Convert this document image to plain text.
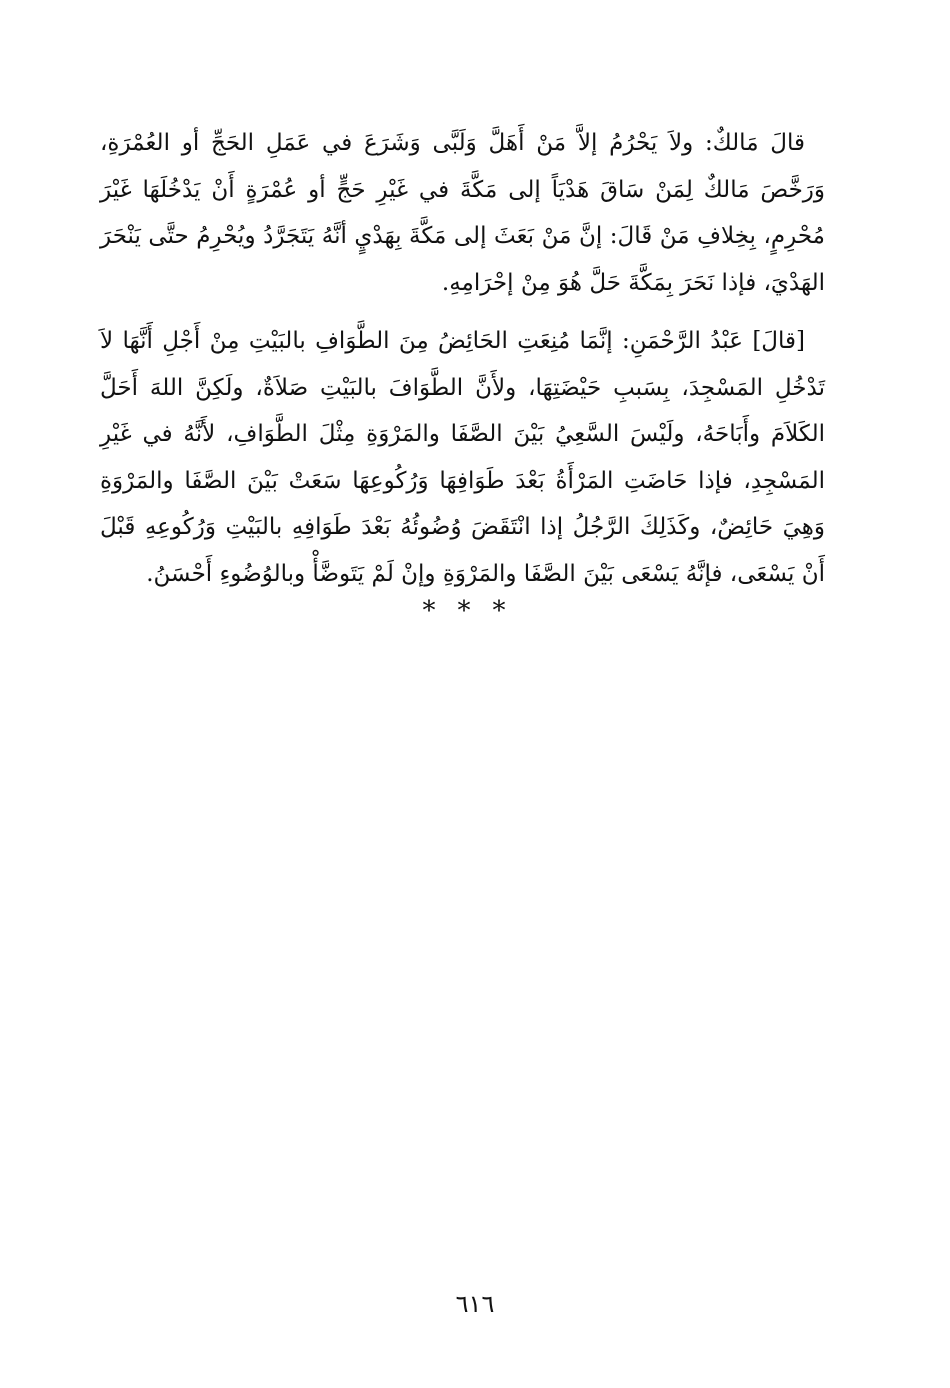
قالَ مَالكٌ: ولاَ يَحْرُمُ إلاَّ مَنْ أَهَلَّ وَلَبَّى وَشَرَعَ في عَمَلِ الحَجِّ أو العُمْرَةِ، وَرَخَّصَ مَالكٌ لِمَنْ سَاقَ هَدْيَاً إلى مَكَّةَ في غَيْرِ حَجٍّ أو عُمْرَةٍ أَنْ يَدْخُلَهَا غَيْرَ مُحْرِمٍ، بِخِلافِ مَنْ قَالَ: إنَّ مَنْ بَعَثَ إلى مَكَّةَ بِهَدْيٍ أنَّهُ يَتَجَرَّدُ ويُحْرِمُ حتَّى يَنْحَرَ الهَدْيَ، فإذا نَحَرَ بِمَكَّةَ حَلَّ هُوَ مِنْ إحْرَامِهِ.

[قالَ] عَبْدُ الرَّحْمَنِ: إنَّمَا مُنِعَتِ الحَائِضُ مِنَ الطَّوَافِ بالبَيْتِ مِنْ أَجْلِ أَنَّهَا لاَ تَدْخُلِ المَسْجِدَ، بِسَببِ حَيْضَتِهَا، ولأَنَّ الطَّوَافَ بالبَيْتِ صَلاَةٌ، ولَكِنَّ اللهَ أَحَلَّ الكَلاَمَ وأَبَاحَهُ، ولَيْسَ السَّعِيُ بَيْنَ الصَّفَا والمَرْوَةِ مِثْلَ الطَّوَافِ، لأَنَّهُ في غَيْرِ المَسْجِدِ، فإذا حَاضَتِ المَرْأَةُ بَعْدَ طَوَافِهَا وَرُكُوعِهَا سَعَتْ بَيْنَ الصَّفَا والمَرْوَةِ وَهِيَ حَائِضٌ، وكَذَلِكَ الرَّجُلُ إذا انْتَقَضَ وُضُوئُهُ بَعْدَ طَوَافِهِ بالبَيْتِ وَرُكُوعِهِ قَبْلَ أَنْ يَسْعَى، فإنَّهُ يَسْعَى بَيْنَ الصَّفَا والمَرْوَةِ وإنْ لَمْ يَتَوضَّأْ وبالوُضُوءِ أَحْسَنُ.

***
٦١٦
